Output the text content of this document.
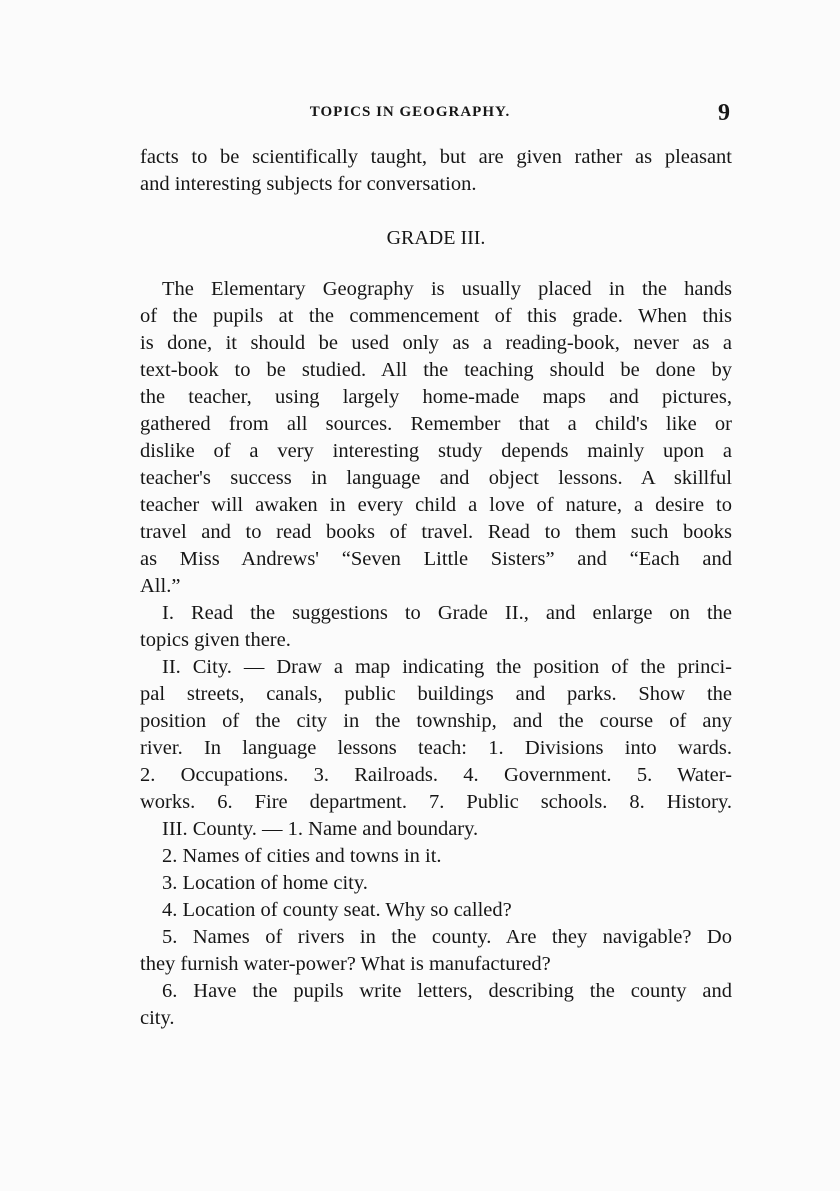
TOPICS IN GEOGRAPHY.	9
facts to be scientifically taught, but are given rather as pleasant
and interesting subjects for conversation.
GRADE III.
The Elementary Geography is usually placed in the hands
of the pupils at the commencement of this grade. When this
is done, it should be used only as a reading-book, never as a
text-book to be studied. All the teaching should be done by
the teacher, using largely home-made maps and pictures,
gathered from all sources. Remember that a child's like or
dislike of a very interesting study depends mainly upon a
teacher's success in language and object lessons. A skillful
teacher will awaken in every child a love of nature, a desire to
travel and to read books of travel. Read to them such books
as Miss Andrews' “Seven Little Sisters” and “Each and
All.”
I. Read the suggestions to Grade II., and enlarge on the
topics given there.
II. City. — Draw a map indicating the position of the princi-
pal streets, canals, public buildings and parks. Show the
position of the city in the township, and the course of any
river. In language lessons teach: 1. Divisions into wards.
2. Occupations. 3. Railroads. 4. Government. 5. Water-
works. 6. Fire department. 7. Public schools. 8. History.
III. County. — 1. Name and boundary.
2. Names of cities and towns in it.
3. Location of home city.
4. Location of county seat. Why so called?
5. Names of rivers in the county. Are they navigable? Do
they furnish water-power? What is manufactured?
6. Have the pupils write letters, describing the county and
city.
